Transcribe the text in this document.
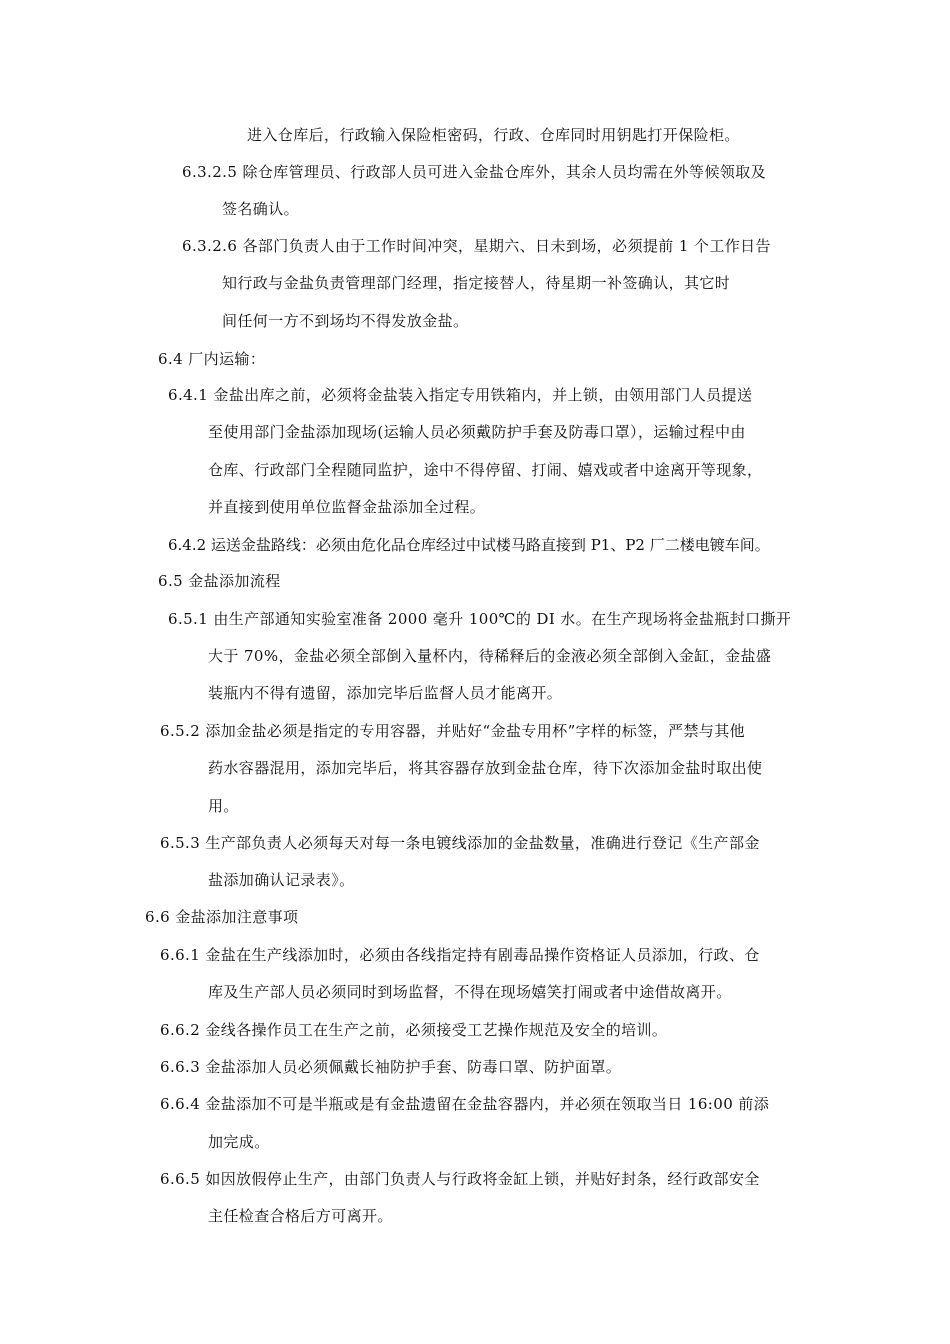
进入仓库后，行政输入保险柜密码，行政、仓库同时用钥匙打开保险柜。
6.3.2.5 除仓库管理员、行政部人员可进入金盐仓库外，其余人员均需在外等候领取及
签名确认。
6.3.2.6 各部门负责人由于工作时间冲突，星期六、日未到场，必须提前 1 个工作日告
知行政与金盐负责管理部门经理，指定接替人，待星期一补签确认，其它时
间任何一方不到场均不得发放金盐。
6.4 厂内运输：
6.4.1 金盐出库之前，必须将金盐装入指定专用铁箱内，并上锁，由领用部门人员提送
至使用部门金盐添加现场(运输人员必须戴防护手套及防毒口罩），运输过程中由
仓库、行政部门全程随同监护，途中不得停留、打闹、嬉戏或者中途离开等现象，
并直接到使用单位监督金盐添加全过程。
6.4.2 运送金盐路线：必须由危化品仓库经过中试楼马路直接到 P1、P2 厂二楼电镀车间。
6.5 金盐添加流程
6.5.1 由生产部通知实验室准备 2000 毫升 100℃的 DI 水。在生产现场将金盐瓶封口撕开
大于 70%，金盐必须全部倒入量杯内，待稀释后的金液必须全部倒入金缸，金盐盛
装瓶内不得有遗留，添加完毕后监督人员才能离开。
6.5.2 添加金盐必须是指定的专用容器，并贴好“金盐专用杯”字样的标签，严禁与其他
药水容器混用，添加完毕后，将其容器存放到金盐仓库，待下次添加金盐时取出使
用。
6.5.3 生产部负责人必须每天对每一条电镀线添加的金盐数量，准确进行登记《生产部金
盐添加确认记录表》。
6.6 金盐添加注意事项
6.6.1 金盐在生产线添加时，必须由各线指定持有剧毒品操作资格证人员添加，行政、仓
库及生产部人员必须同时到场监督，不得在现场嬉笑打闹或者中途借故离开。
6.6.2 金线各操作员工在生产之前，必须接受工艺操作规范及安全的培训。
6.6.3 金盐添加人员必须佩戴长袖防护手套、防毒口罩、防护面罩。
6.6.4 金盐添加不可是半瓶或是有金盐遗留在金盐容器内，并必须在领取当日 16:00 前添
加完成。
6.6.5 如因放假停止生产，由部门负责人与行政将金缸上锁，并贴好封条，经行政部安全
主任检查合格后方可离开。
